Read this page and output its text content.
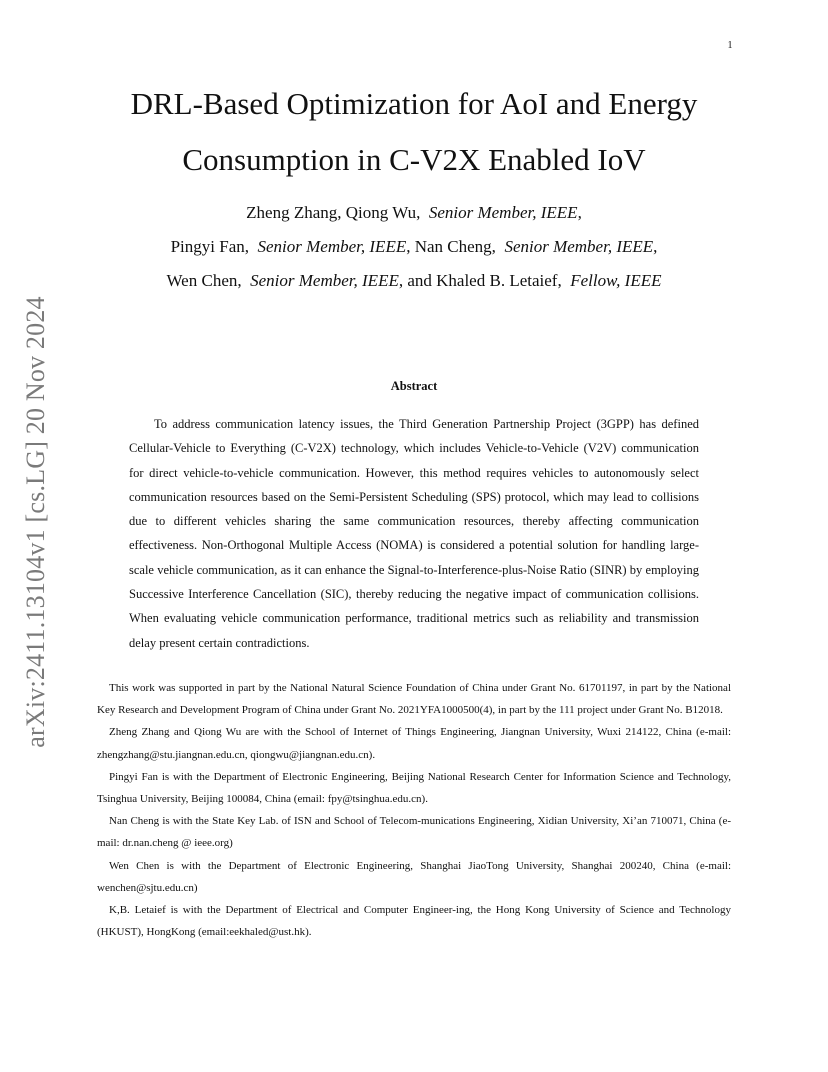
1
arXiv:2411.13104v1 [cs.LG] 20 Nov 2024
DRL-Based Optimization for AoI and Energy
Consumption in C-V2X Enabled IoV
Zheng Zhang, Qiong Wu, Senior Member, IEEE,
Pingyi Fan, Senior Member, IEEE, Nan Cheng, Senior Member, IEEE,
Wen Chen, Senior Member, IEEE, and Khaled B. Letaief, Fellow, IEEE
Abstract

To address communication latency issues, the Third Generation Partnership Project (3GPP) has defined Cellular-Vehicle to Everything (C-V2X) technology, which includes Vehicle-to-Vehicle (V2V) communication for direct vehicle-to-vehicle communication. However, this method requires vehicles to autonomously select communication resources based on the Semi-Persistent Scheduling (SPS) protocol, which may lead to collisions due to different vehicles sharing the same communication resources, thereby affecting communication effectiveness. Non-Orthogonal Multiple Access (NOMA) is considered a potential solution for handling large-scale vehicle communication, as it can enhance the Signal-to-Interference-plus-Noise Ratio (SINR) by employing Successive Interference Cancellation (SIC), thereby reducing the negative impact of communication collisions. When evaluating vehicle communication performance, traditional metrics such as reliability and transmission delay present certain contradictions.

This work was supported in part by the National Natural Science Foundation of China under Grant No. 61701197, in part by the National Key Research and Development Program of China under Grant No. 2021YFA1000500(4), in part by the 111 project under Grant No. B12018.

Zheng Zhang and Qiong Wu are with the School of Internet of Things Engineering, Jiangnan University, Wuxi 214122, China (e-mail: zhengzhang@stu.jiangnan.edu.cn, qiongwu@jiangnan.edu.cn).

Pingyi Fan is with the Department of Electronic Engineering, Beijing National Research Center for Information Science and Technology, Tsinghua University, Beijing 100084, China (email: fpy@tsinghua.edu.cn).

Nan Cheng is with the State Key Lab. of ISN and School of Telecom-munications Engineering, Xidian University, Xi’an 710071, China (e-mail: dr.nan.cheng @ ieee.org)

Wen Chen is with the Department of Electronic Engineering, Shanghai JiaoTong University, Shanghai 200240, China (e-mail: wenchen@sjtu.edu.cn)

K,B. Letaief is with the Department of Electrical and Computer Engineer-ing, the Hong Kong University of Science and Technology (HKUST), HongKong (email:eekhaled@ust.hk).
